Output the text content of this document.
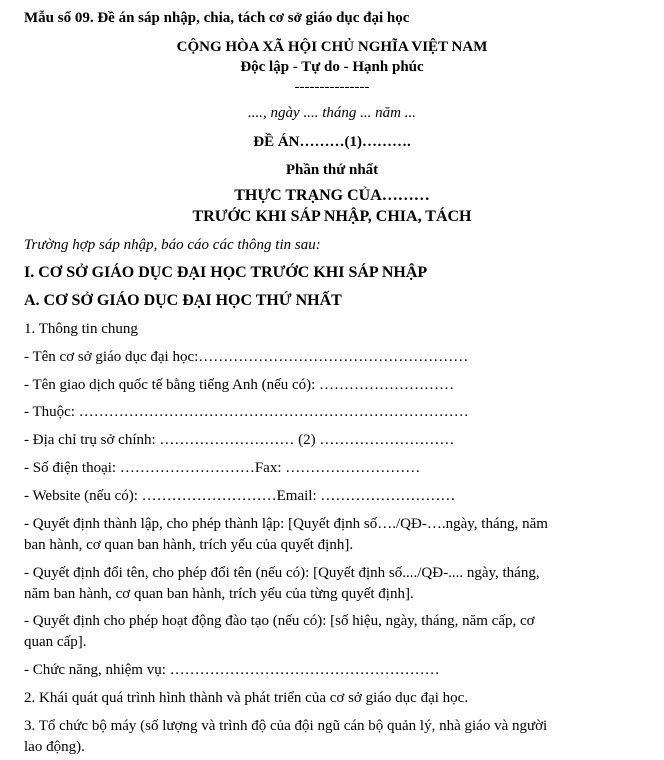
Mẫu số 09. Đề án sáp nhập, chia, tách cơ sở giáo dục đại học
CỘNG HÒA XÃ HỘI CHỦ NGHĨA VIỆT NAM
Độc lập - Tự do - Hạnh phúc
---------------
...., ngày .... tháng ... năm ...
ĐỀ ÁN………(1)……….
Phần thứ nhất
THỰC TRẠNG CỦA………
TRƯỚC KHI SÁP NHẬP, CHIA, TÁCH
Trường hợp sáp nhập, báo cáo các thông tin sau:
I. CƠ SỞ GIÁO DỤC ĐẠI HỌC TRƯỚC KHI SÁP NHẬP
A. CƠ SỞ GIÁO DỤC ĐẠI HỌC THỨ NHẤT
1. Thông tin chung
- Tên cơ sở giáo dục đại học:………………………………………………
- Tên giao dịch quốc tế bằng tiếng Anh (nếu có): ………………………
- Thuộc: ……………………………………………………………………
- Địa chỉ trụ sở chính: ……………………… (2) ………………………
- Số điện thoại: ………………………Fax: ………………………
- Website (nếu có): ………………………Email: ………………………
- Quyết định thành lập, cho phép thành lập: [Quyết định số…./QĐ-….ngày, tháng, năm
ban hành, cơ quan ban hành, trích yếu của quyết định].
- Quyết định đổi tên, cho phép đổi tên (nếu có): [Quyết định số..../QĐ-.... ngày, tháng,
năm ban hành, cơ quan ban hành, trích yếu của từng quyết định].
- Quyết định cho phép hoạt động đào tạo (nếu có): [số hiệu, ngày, tháng, năm cấp, cơ
quan cấp].
- Chức năng, nhiệm vụ: ………………………………………………
2. Khái quát quá trình hình thành và phát triển của cơ sở giáo dục đại học.
3. Tổ chức bộ máy (số lượng và trình độ của đội ngũ cán bộ quản lý, nhà giáo và người
lao động).
